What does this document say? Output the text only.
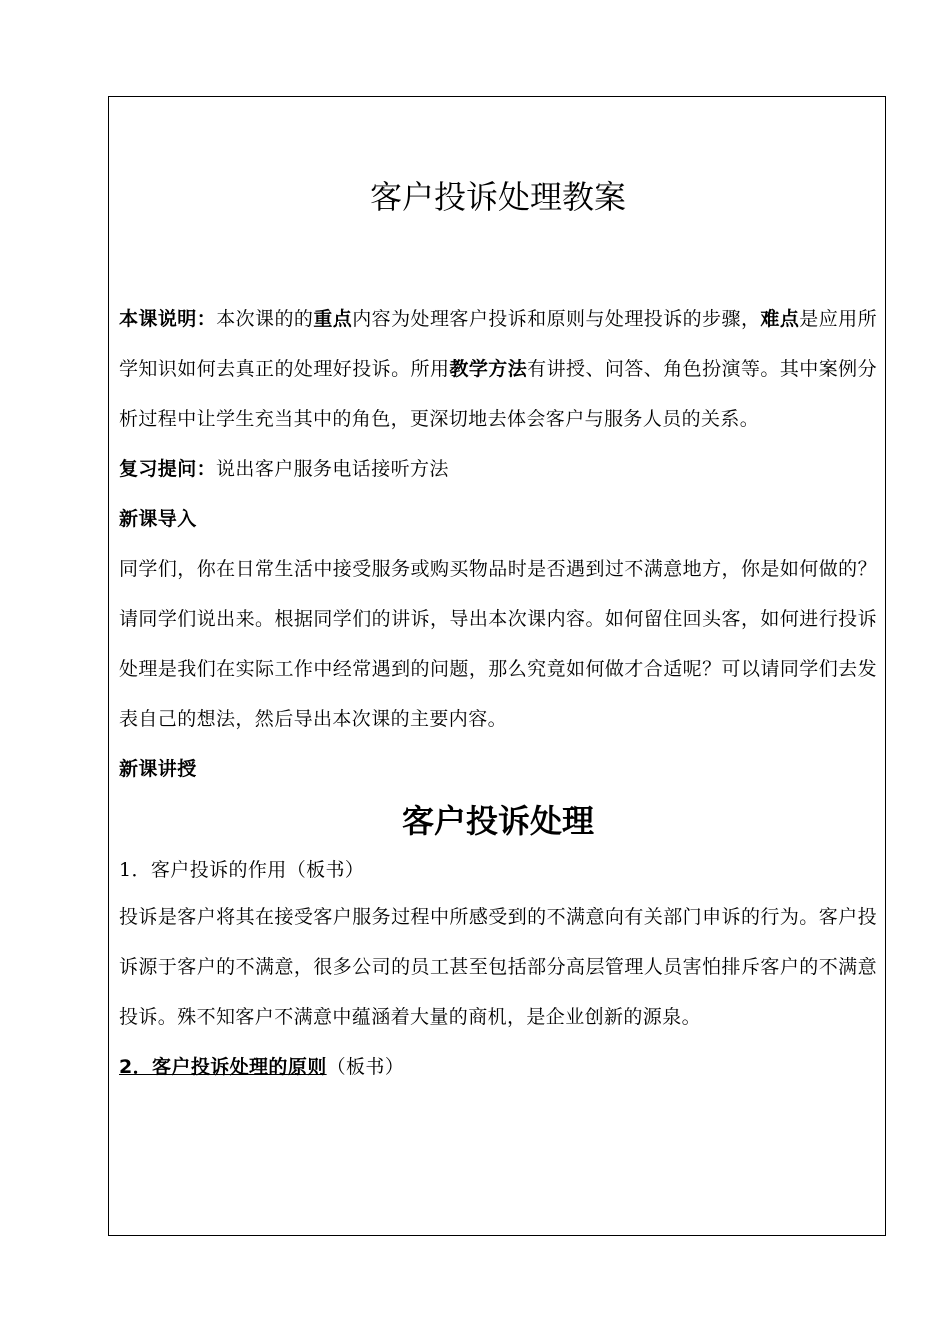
客户投诉处理教案

本课说明：本次课的的重点内容为处理客户投诉和原则与处理投诉的步骤，难点是应用所学知识如何去真正的处理好投诉。所用教学方法有讲授、问答、角色扮演等。其中案例分析过程中让学生充当其中的角色，更深切地去体会客户与服务人员的关系。

复习提问：说出客户服务电话接听方法

新课导入

同学们，你在日常生活中接受服务或购买物品时是否遇到过不满意地方，你是如何做的？请同学们说出来。根据同学们的讲诉，导出本次课内容。如何留住回头客，如何进行投诉处理是我们在实际工作中经常遇到的问题，那么究竟如何做才合适呢？可以请同学们去发表自己的想法，然后导出本次课的主要内容。

新课讲授

客户投诉处理

1．客户投诉的作用（板书）

投诉是客户将其在接受客户服务过程中所感受到的不满意向有关部门申诉的行为。客户投诉源于客户的不满意，很多公司的员工甚至包括部分高层管理人员害怕排斥客户的不满意投诉。殊不知客户不满意中蕴涵着大量的商机，是企业创新的源泉。

2．客户投诉处理的原则（板书）
